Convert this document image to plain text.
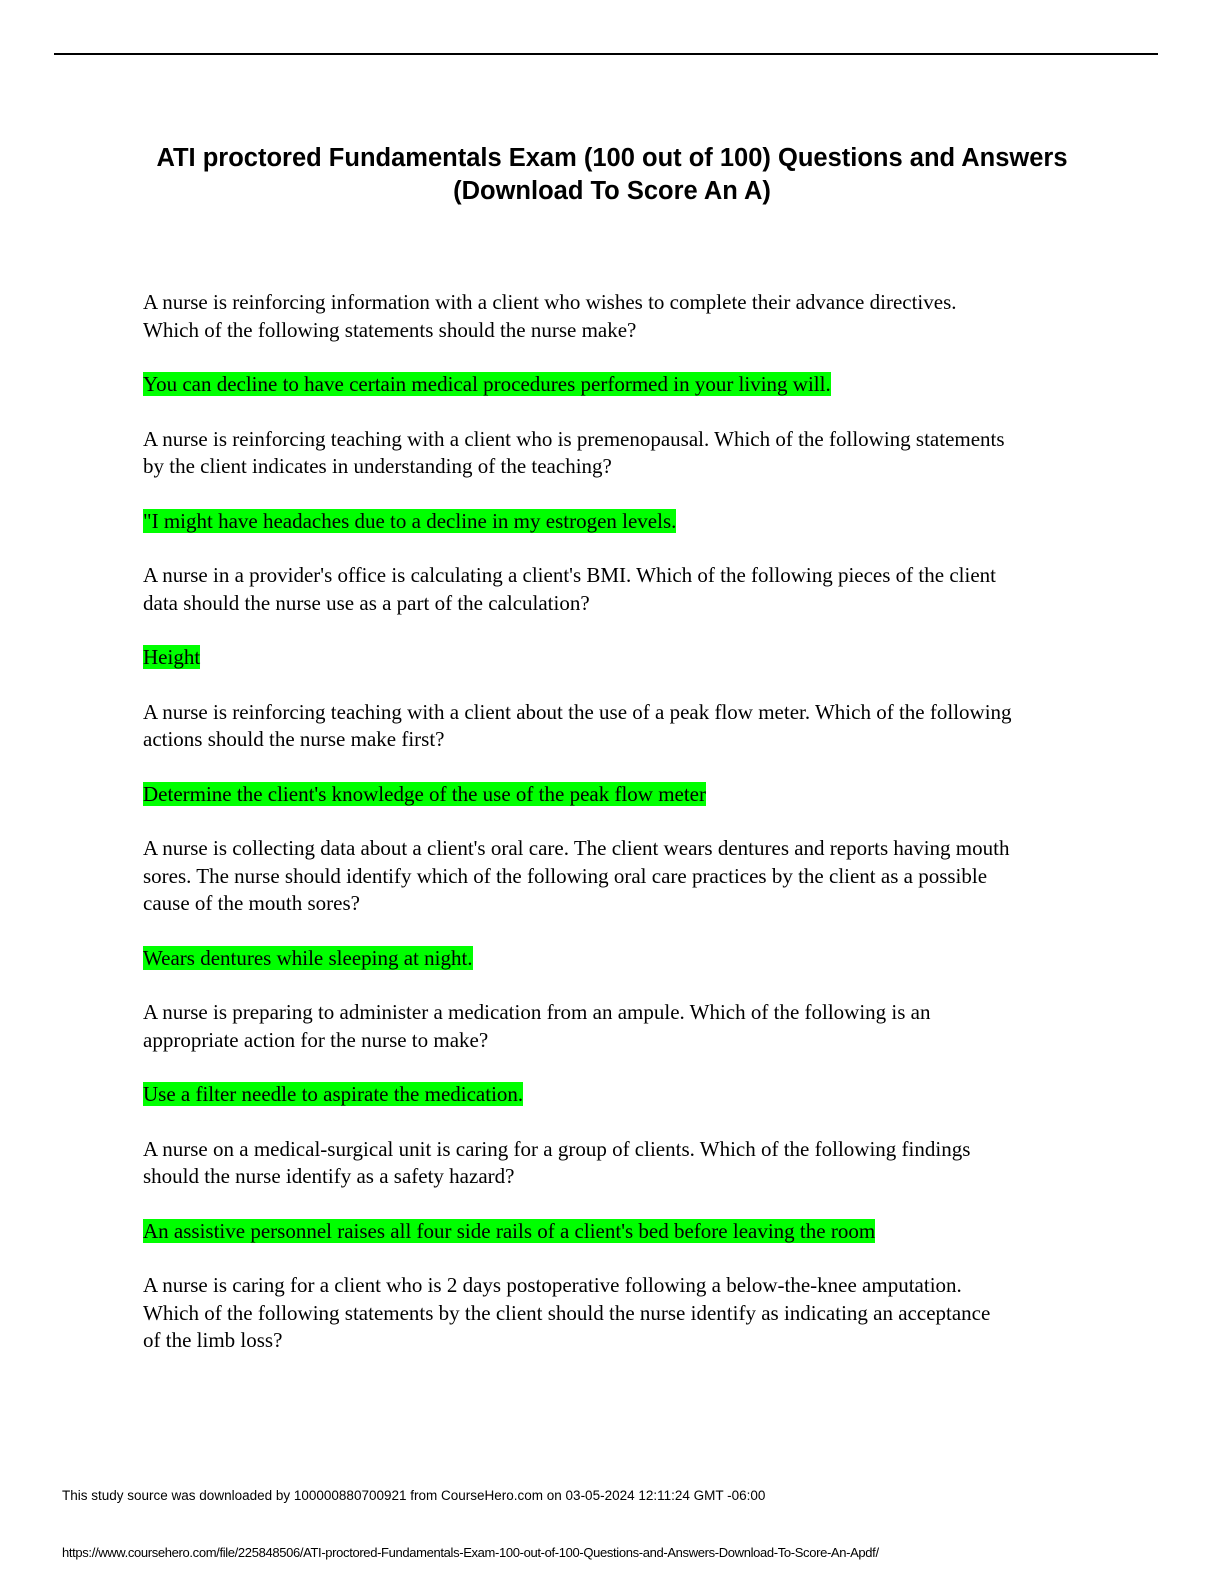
ATI proctored Fundamentals Exam (100 out of 100) Questions and Answers (Download To Score An A)

A nurse is reinforcing information with a client who wishes to complete their advance directives. Which of the following statements should the nurse make?

You can decline to have certain medical procedures performed in your living will.

A nurse is reinforcing teaching with a client who is premenopausal. Which of the following statements by the client indicates in understanding of the teaching?

"I might have headaches due to a decline in my estrogen levels.

A nurse in a provider's office is calculating a client's BMI. Which of the following pieces of the client data should the nurse use as a part of the calculation?

Height

A nurse is reinforcing teaching with a client about the use of a peak flow meter. Which of the following actions should the nurse make first?

Determine the client's knowledge of the use of the peak flow meter

A nurse is collecting data about a client's oral care. The client wears dentures and reports having mouth sores. The nurse should identify which of the following oral care practices by the client as a possible cause of the mouth sores?

Wears dentures while sleeping at night.

A nurse is preparing to administer a medication from an ampule. Which of the following is an appropriate action for the nurse to make?

Use a filter needle to aspirate the medication.

A nurse on a medical-surgical unit is caring for a group of clients. Which of the following findings should the nurse identify as a safety hazard?

An assistive personnel raises all four side rails of a client's bed before leaving the room

A nurse is caring for a client who is 2 days postoperative following a below-the-knee amputation. Which of the following statements by the client should the nurse identify as indicating an acceptance of the limb loss?

This study source was downloaded by 100000880700921 from CourseHero.com on 03-05-2024 12:11:24 GMT -06:00
https://www.coursehero.com/file/225848506/ATI-proctored-Fundamentals-Exam-100-out-of-100-Questions-and-Answers-Download-To-Score-An-Apdf/
